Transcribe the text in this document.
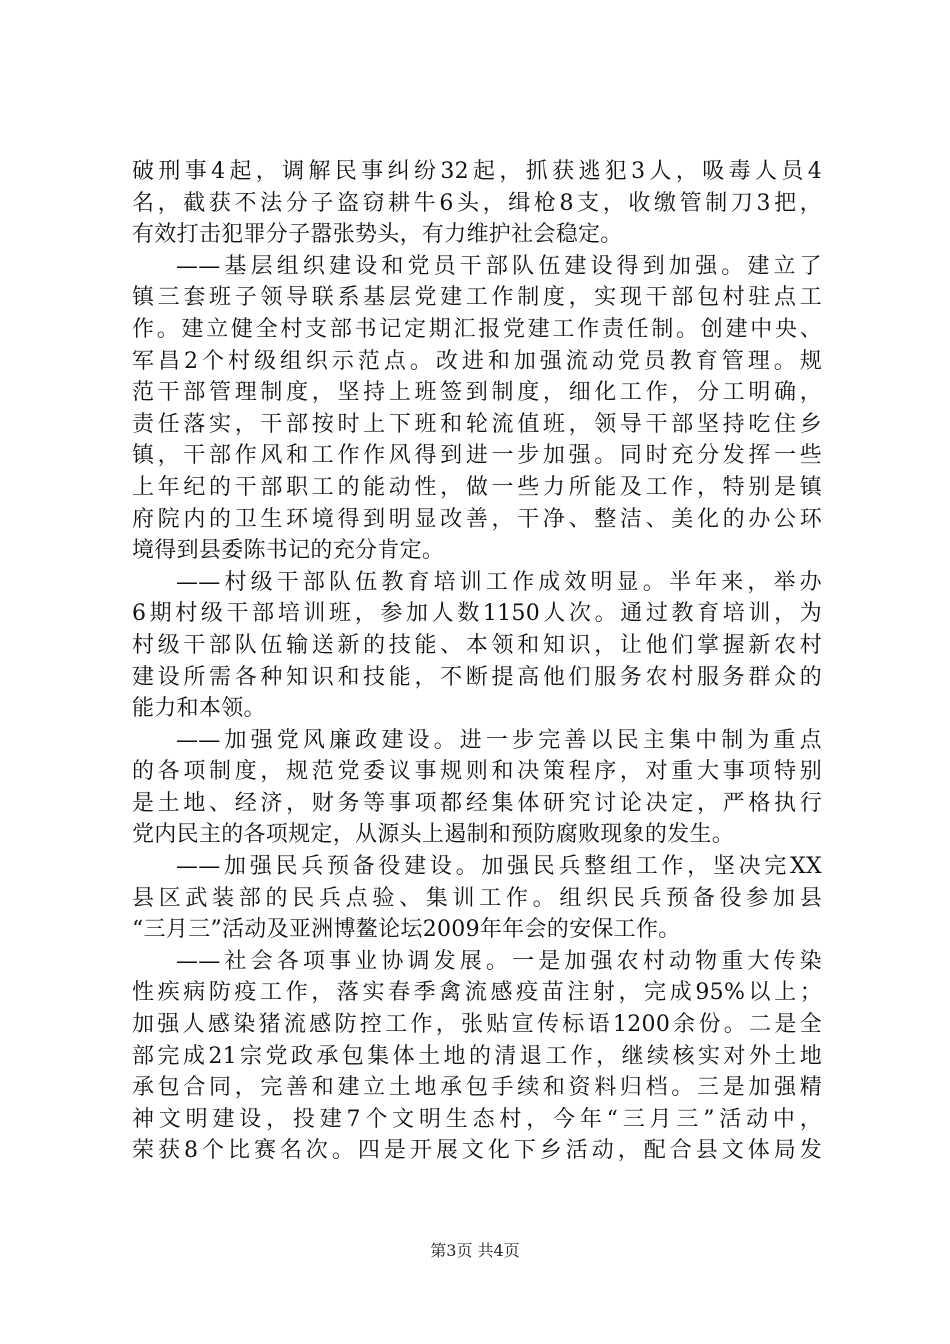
破刑事4起，调解民事纠纷32起，抓获逃犯3人，吸毒人员4
名，截获不法分子盗窃耕牛6头，缉枪8支，收缴管制刀3把，
有效打击犯罪分子嚣张势头，有力维护社会稳定。
——基层组织建设和党员干部队伍建设得到加强。建立了
镇三套班子领导联系基层党建工作制度，实现干部包村驻点工
作。建立健全村支部书记定期汇报党建工作责任制。创建中央、
军昌2个村级组织示范点。改进和加强流动党员教育管理。规
范干部管理制度，坚持上班签到制度，细化工作，分工明确，
责任落实，干部按时上下班和轮流值班，领导干部坚持吃住乡
镇，干部作风和工作作风得到进一步加强。同时充分发挥一些
上年纪的干部职工的能动性，做一些力所能及工作，特别是镇
府院内的卫生环境得到明显改善，干净、整洁、美化的办公环
境得到县委陈书记的充分肯定。
——村级干部队伍教育培训工作成效明显。半年来，举办
6期村级干部培训班，参加人数1150人次。通过教育培训，为
村级干部队伍输送新的技能、本领和知识，让他们掌握新农村
建设所需各种知识和技能，不断提高他们服务农村服务群众的
能力和本领。
——加强党风廉政建设。进一步完善以民主集中制为重点
的各项制度，规范党委议事规则和决策程序，对重大事项特别
是土地、经济，财务等事项都经集体研究讨论决定，严格执行
党内民主的各项规定，从源头上遏制和预防腐败现象的发生。
——加强民兵预备役建设。加强民兵整组工作，坚决完XX
县区武装部的民兵点验、集训工作。组织民兵预备役参加县
“三月三”活动及亚洲博鳌论坛2009年年会的安保工作。
——社会各项事业协调发展。一是加强农村动物重大传染
性疾病防疫工作，落实春季禽流感疫苗注射，完成95%以上；
加强人感染猪流感防控工作，张贴宣传标语1200余份。二是全
部完成21宗党政承包集体土地的清退工作，继续核实对外土地
承包合同，完善和建立土地承包手续和资料归档。三是加强精
神文明建设，投建7个文明生态村，今年“三月三”活动中，
荣获8个比赛名次。四是开展文化下乡活动，配合县文体局发
第3页 共4页
